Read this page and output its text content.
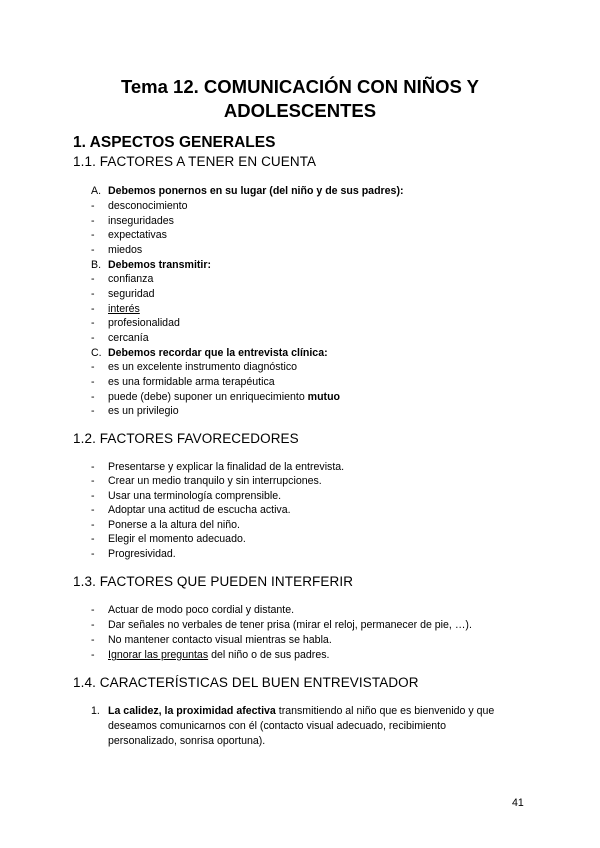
Tema 12. COMUNICACIÓN CON NIÑOS Y
ADOLESCENTES
1. ASPECTOS GENERALES
1.1. FACTORES A TENER EN CUENTA
A. Debemos ponernos en su lugar (del niño y de sus padres):
- desconocimiento
- inseguridades
- expectativas
- miedos
B. Debemos transmitir:
- confianza
- seguridad
- interés
- profesionalidad
- cercanía
C. Debemos recordar que la entrevista clínica:
- es un excelente instrumento diagnóstico
- es una formidable arma terapéutica
- puede (debe) suponer un enriquecimiento mutuo
- es un privilegio
1.2. FACTORES FAVORECEDORES
- Presentarse y explicar la finalidad de la entrevista.
- Crear un medio tranquilo y sin interrupciones.
- Usar una terminología comprensible.
- Adoptar una actitud de escucha activa.
- Ponerse a la altura del niño.
- Elegir el momento adecuado.
- Progresividad.
1.3. FACTORES QUE PUEDEN INTERFERIR
- Actuar de modo poco cordial y distante.
- Dar señales no verbales de tener prisa (mirar el reloj, permanecer de pie, …).
- No mantener contacto visual mientras se habla.
- Ignorar las preguntas del niño o de sus padres.
1.4. CARACTERÍSTICAS DEL BUEN ENTREVISTADOR
1. La calidez, la proximidad afectiva transmitiendo al niño que es bienvenido y que
deseamos comunicarnos con él (contacto visual adecuado, recibimiento
personalizado, sonrisa oportuna).
41
